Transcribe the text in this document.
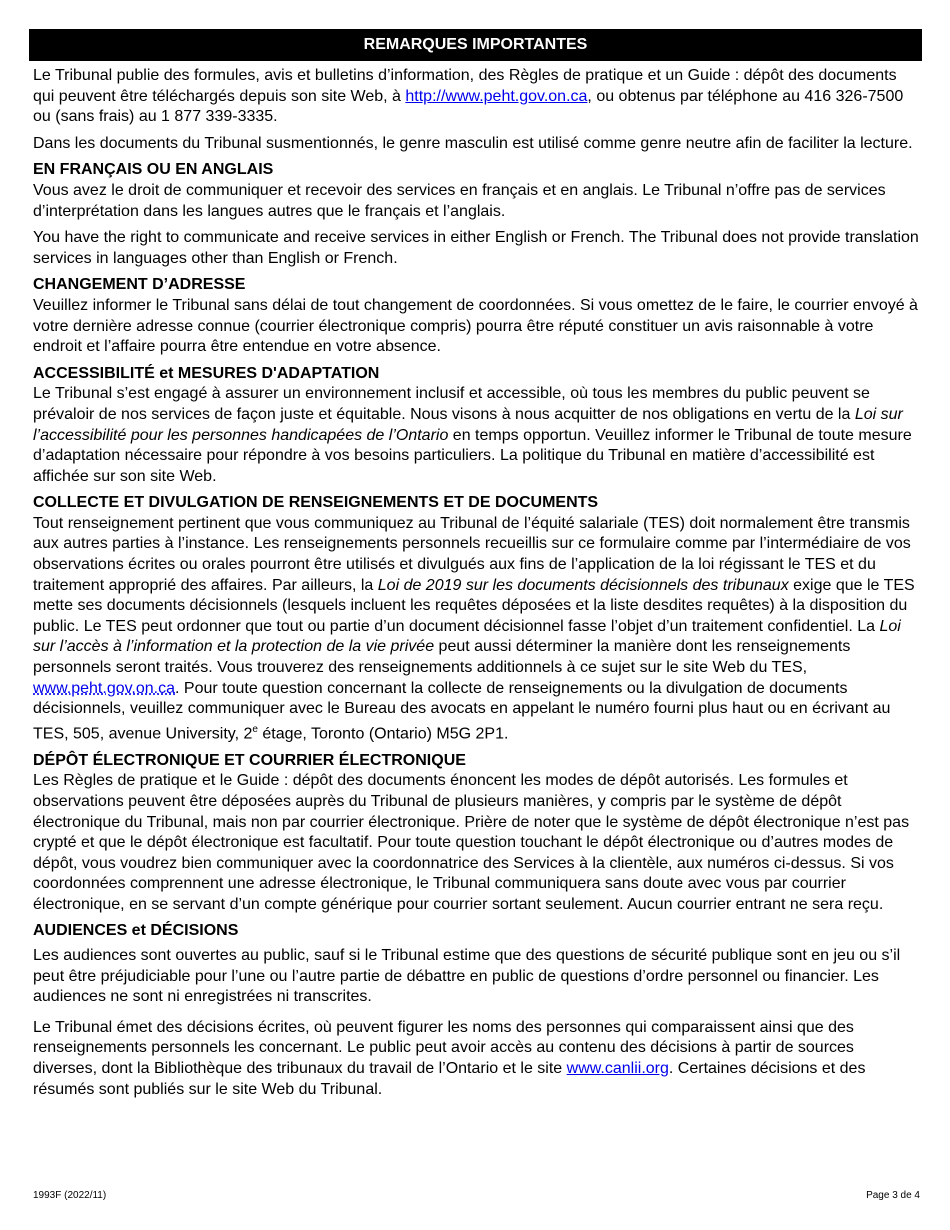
REMARQUES IMPORTANTES

Le Tribunal publie des formules, avis et bulletins d’information, des Règles de pratique et un Guide : dépôt des documents qui peuvent être téléchargés depuis son site Web, à http://www.peht.gov.on.ca, ou obtenus par téléphone au 416 326-7500 ou (sans frais) au 1 877 339-3335.

Dans les documents du Tribunal susmentionnés, le genre masculin est utilisé comme genre neutre afin de faciliter la lecture.

EN FRANÇAIS OU EN ANGLAIS

Vous avez le droit de communiquer et recevoir des services en français et en anglais. Le Tribunal n’offre pas de services d’interprétation dans les langues autres que le français et l’anglais.

You have the right to communicate and receive services in either English or French. The Tribunal does not provide translation services in languages other than English or French.

CHANGEMENT D’ADRESSE

Veuillez informer le Tribunal sans délai de tout changement de coordonnées. Si vous omettez de le faire, le courrier envoyé à votre dernière adresse connue (courrier électronique compris) pourra être réputé constituer un avis raisonnable à votre endroit et l’affaire pourra être entendue en votre absence.

ACCESSIBILITÉ et MESURES D'ADAPTATION

Le Tribunal s’est engagé à assurer un environnement inclusif et accessible, où tous les membres du public peuvent se prévaloir de nos services de façon juste et équitable. Nous visons à nous acquitter de nos obligations en vertu de la Loi sur l’accessibilité pour les personnes handicapées de l’Ontario en temps opportun. Veuillez informer le Tribunal de toute mesure d’adaptation nécessaire pour répondre à vos besoins particuliers. La politique du Tribunal en matière d’accessibilité est affichée sur son site Web.

COLLECTE ET DIVULGATION DE RENSEIGNEMENTS ET DE DOCUMENTS

Tout renseignement pertinent que vous communiquez au Tribunal de l’équité salariale (TES) doit normalement être transmis aux autres parties à l’instance. Les renseignements personnels recueillis sur ce formulaire comme par l’intermédiaire de vos observations écrites ou orales pourront être utilisés et divulgués aux fins de l’application de la loi régissant le TES et du traitement approprié des affaires. Par ailleurs, la Loi de 2019 sur les documents décisionnels des tribunaux exige que le TES mette ses documents décisionnels (lesquels incluent les requêtes déposées et la liste desdites requêtes) à la disposition du public. Le TES peut ordonner que tout ou partie d’un document décisionnel fasse l’objet d’un traitement confidentiel. La Loi sur l’accès à l’information et la protection de la vie privée peut aussi déterminer la manière dont les renseignements personnels seront traités. Vous trouverez des renseignements additionnels à ce sujet sur le site Web du TES, www.peht.gov.on.ca. Pour toute question concernant la collecte de renseignements ou la divulgation de documents décisionnels, veuillez communiquer avec le Bureau des avocats en appelant le numéro fourni plus haut ou en écrivant au TES, 505, avenue University, 2e étage, Toronto (Ontario) M5G 2P1.

DÉPÔT ÉLECTRONIQUE ET COURRIER ÉLECTRONIQUE

Les Règles de pratique et le Guide : dépôt des documents énoncent les modes de dépôt autorisés. Les formules et observations peuvent être déposées auprès du Tribunal de plusieurs manières, y compris par le système de dépôt électronique du Tribunal, mais non par courrier électronique. Prière de noter que le système de dépôt électronique n’est pas crypté et que le dépôt électronique est facultatif. Pour toute question touchant le dépôt électronique ou d’autres modes de dépôt, vous voudrez bien communiquer avec la coordonnatrice des Services à la clientèle, aux numéros ci-dessus. Si vos coordonnées comprennent une adresse électronique, le Tribunal communiquera sans doute avec vous par courrier électronique, en se servant d’un compte générique pour courrier sortant seulement. Aucun courrier entrant ne sera reçu.

AUDIENCES et DÉCISIONS

Les audiences sont ouvertes au public, sauf si le Tribunal estime que des questions de sécurité publique sont en jeu ou s’il peut être préjudiciable pour l’une ou l’autre partie de débattre en public de questions d’ordre personnel ou financier. Les audiences ne sont ni enregistrées ni transcrites.

Le Tribunal émet des décisions écrites, où peuvent figurer les noms des personnes qui comparaissent ainsi que des renseignements personnels les concernant. Le public peut avoir accès au contenu des décisions à partir de sources diverses, dont la Bibliothèque des tribunaux du travail de l’Ontario et le site www.canlii.org. Certaines décisions et des résumés sont publiés sur le site Web du Tribunal.

1993F (2022/11)	Page 3 de 4
